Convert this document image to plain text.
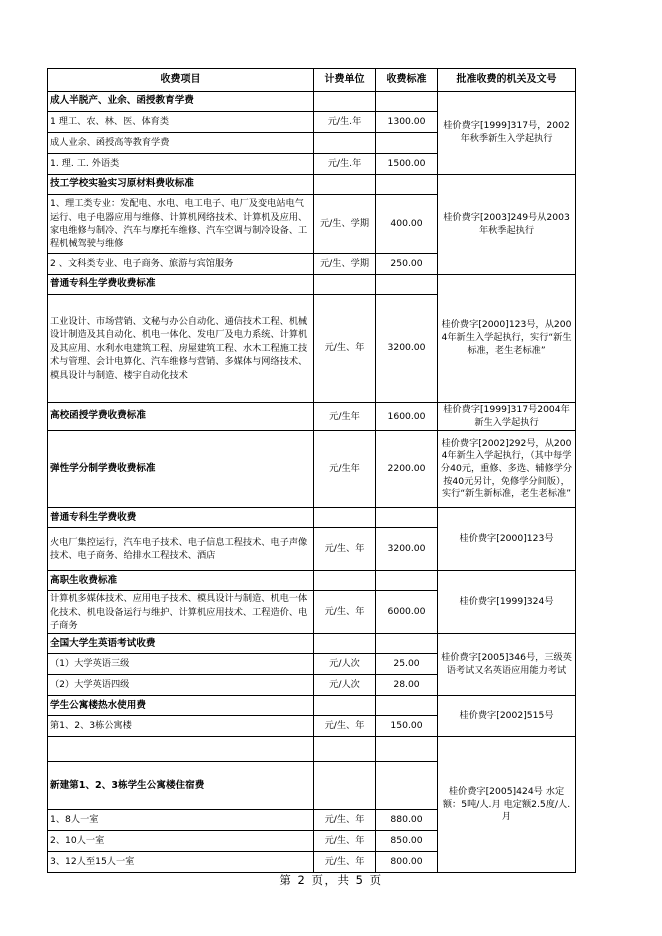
收费项目	计费单位	收费标准	批准收费的机关及文号
成人半脱产、业余、函授教育学费			桂价费字[1999]317号，2002年秋季新生入学起执行
1 理工、农、林、医、体育类	元/生.年	1300.00	
成人业余、函授高等教育学费			
1. 理. 工. 外语类	元/生.年	1500.00	
技工学校实验实习原材料费收标准			桂价费字[2003]249号从2003年秋季起执行
1、理工类专业：发配电、水电、电工电子、电厂及变电站电气运行、电子电器应用与维修、计算机网络技术、计算机及应用、家电维修与制冷、汽车与摩托车维修、汽车空调与制冷设备、工程机械驾驶与维修	元/生、学期	400.00	
2 、文科类专业、电子商务、旅游与宾馆服务	元/生、学期	250.00	
普通专科生学费收费标准			桂价费字[2000]123号，从2004年新生入学起执行，实行“新生标准，老生老标准”
工业设计、市场营销、文秘与办公自动化、通信技术工程、机械设计制造及其自动化、机电一体化、发电厂及电力系统、计算机及其应用、水利水电建筑工程、房屋建筑工程、水木工程施工技术与管理、会计电算化、汽车维修与营销、多媒体与网络技术、模具设计与制造、楼宇自动化技术	元/生、年	3200.00	
高校函授学费收费标准	元/生年	1600.00	桂价费字[1999]317号2004年新生入学起执行
弹性学分制学费收费标准	元/生年	2200.00	桂价费字[2002]292号，从2004年新生入学起执行，（其中每学分40元，重修、多选、辅修学分按40元另计，免修学分间版），实行“新生新标准，老生老标准”
普通专科生学费收费			桂价费字[2000]123号
火电厂集控运行，汽车电子技术、电子信息工程技术、电子声像技术、电子商务、给排水工程技术、酒店	元/生、年	3200.00	
高职生收费标准			桂价费字[1999]324号
计算机多媒体技术、应用电子技术、模具设计与制造、机电一体化技术、机电设备运行与维护、计算机应用技术、工程造价、电子商务	元/生、年	6000.00	
全国大学生英语考试收费			桂价费字[2005]346号，三级英语考试又名英语应用能力考试
（1）大学英语三级	元/人次	25.00	
（2）大学英语四级	元/人次	28.00	
学生公寓楼热水使用费			桂价费字[2002]515号
第1、2、3栋公寓楼	元/生、年	150.00	
			桂价费字[2005]424号 水定额：5吨/人.月 电定额2.5度/人.月
新建第1、2、3栋学生公寓楼住宿费			
1、8人一室	元/生、年	880.00	
2、10人一室	元/生、年	850.00	
3、12人至15人一室	元/生、年	800.00	
第 2 页，共 5 页
